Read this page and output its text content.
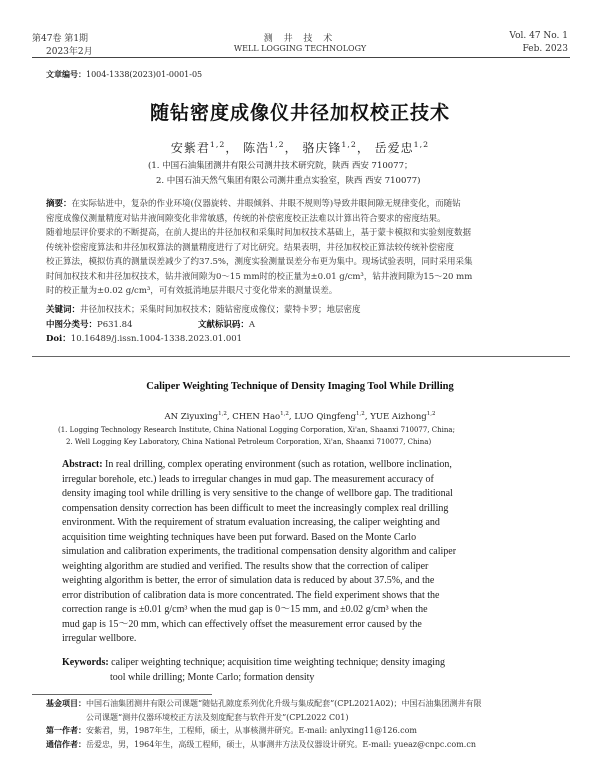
第47卷 第1期
2023年2月
测 井 技 术
WELL LOGGING TECHNOLOGY
Vol. 47 No. 1
Feb. 2023
文章编号：1004-1338(2023)01-0001-05
随钻密度成像仪井径加权校正技术
安紫君$^{1,2}$， 陈浩$^{1,2}$， 骆庆锋$^{1,2}$， 岳爱忠$^{1,2}$
(1. 中国石油集团测井有限公司测井技术研究院，陕西 西安 710077；
2. 中国石油天然气集团有限公司测井重点实验室，陕西 西安 710077)
摘要：在实际钻进中，复杂的作业环境(仪器旋转、井眼倾斜、井眼不规则等)导致井眼间隙无规律变化，而随钻
密度成像仪测量精度对钻井液间隙变化非常敏感，传统的补偿密度校正法难以计算出符合要求的密度结果。
随着地层评价要求的不断提高，在前人提出的井径加权和采集时间加权技术基础上，基于蒙卡模拟和实验刻度数据
传统补偿密度算法和井径加权算法的测量精度进行了对比研究。结果表明，井径加权校正算法较传统补偿密度
校正算法，模拟仿真的测量误差减少了约37.5%，测度实验测量误差分布更为集中。现场试验表明，同时采用采集
时间加权技术和井径加权技术，钻井液间隙为0～15 mm时的校正量为±0.01 g/cm³，钻井液间隙为15～20 mm
时的校正量为±0.02 g/cm³，可有效抵消地层井眼尺寸变化带来的测量误差。
关键词：井径加权技术；采集时间加权技术；随钻密度成像仪；蒙特卡罗；地层密度
中图分类号：P631.84	文献标识码：A
Doi：10.16489/j.issn.1004-1338.2023.01.001
Caliper Weighting Technique of Density Imaging Tool While Drilling
AN Ziyuxing$^{1,2}$, CHEN Hao$^{1,2}$, LUO Qingfeng$^{1,2}$, YUE Aizhong$^{1,2}$
(1. Logging Technology Research Institute, China National Logging Corporation, Xi'an, Shaanxi 710077, China;
2. Well Logging Key Laboratory, China National Petroleum Corporation, Xi'an, Shaanxi 710077, China)
Abstract: In real drilling, complex operating environment (such as rotation, wellbore inclination,
irregular borehole, etc.) leads to irregular changes in mud gap. The measurement accuracy of
density imaging tool while drilling is very sensitive to the change of wellbore gap. The traditional
compensation density correction has been difficult to meet the increasingly complex real drilling
environment. With the requirement of stratum evaluation increasing, the caliper weighting and
acquisition time weighting techniques have been put forward. Based on the Monte Carlo
simulation and calibration experiments, the traditional compensation density algorithm and caliper
weighting algorithm are studied and verified. The results show that the correction of caliper
weighting algorithm is better, the error of simulation data is reduced by about 37.5%, and the
error distribution of calibration data is more concentrated. The field experiment shows that the
correction range is ±0.01 g/cm³ when the mud gap is 0～15 mm, and ±0.02 g/cm³ when the
mud gap is 15～20 mm, which can effectively offset the measurement error caused by the
irregular wellbore.
Keywords: caliper weighting technique; acquisition time weighting technique; density imaging
tool while drilling; Monte Carlo; formation density
基金项目：中国石油集团测井有限公司课题“随钻孔隙度系列优化升级与集成配套”(CPL2021A02)；中国石油集团测井有限
公司课题“测井仪器环境校正方法及刻度配套与软件开发”(CPL2022 C01)
第一作者：安紫君，男，1987年生，工程师，硕士，从事核测井研究。E-mail: anlyxing11@126.com
通信作者：岳爱忠，男，1964年生，高级工程师，硕士，从事测井方法及仪器设计研究。E-mail: yueaz@cnpc.com.cn
